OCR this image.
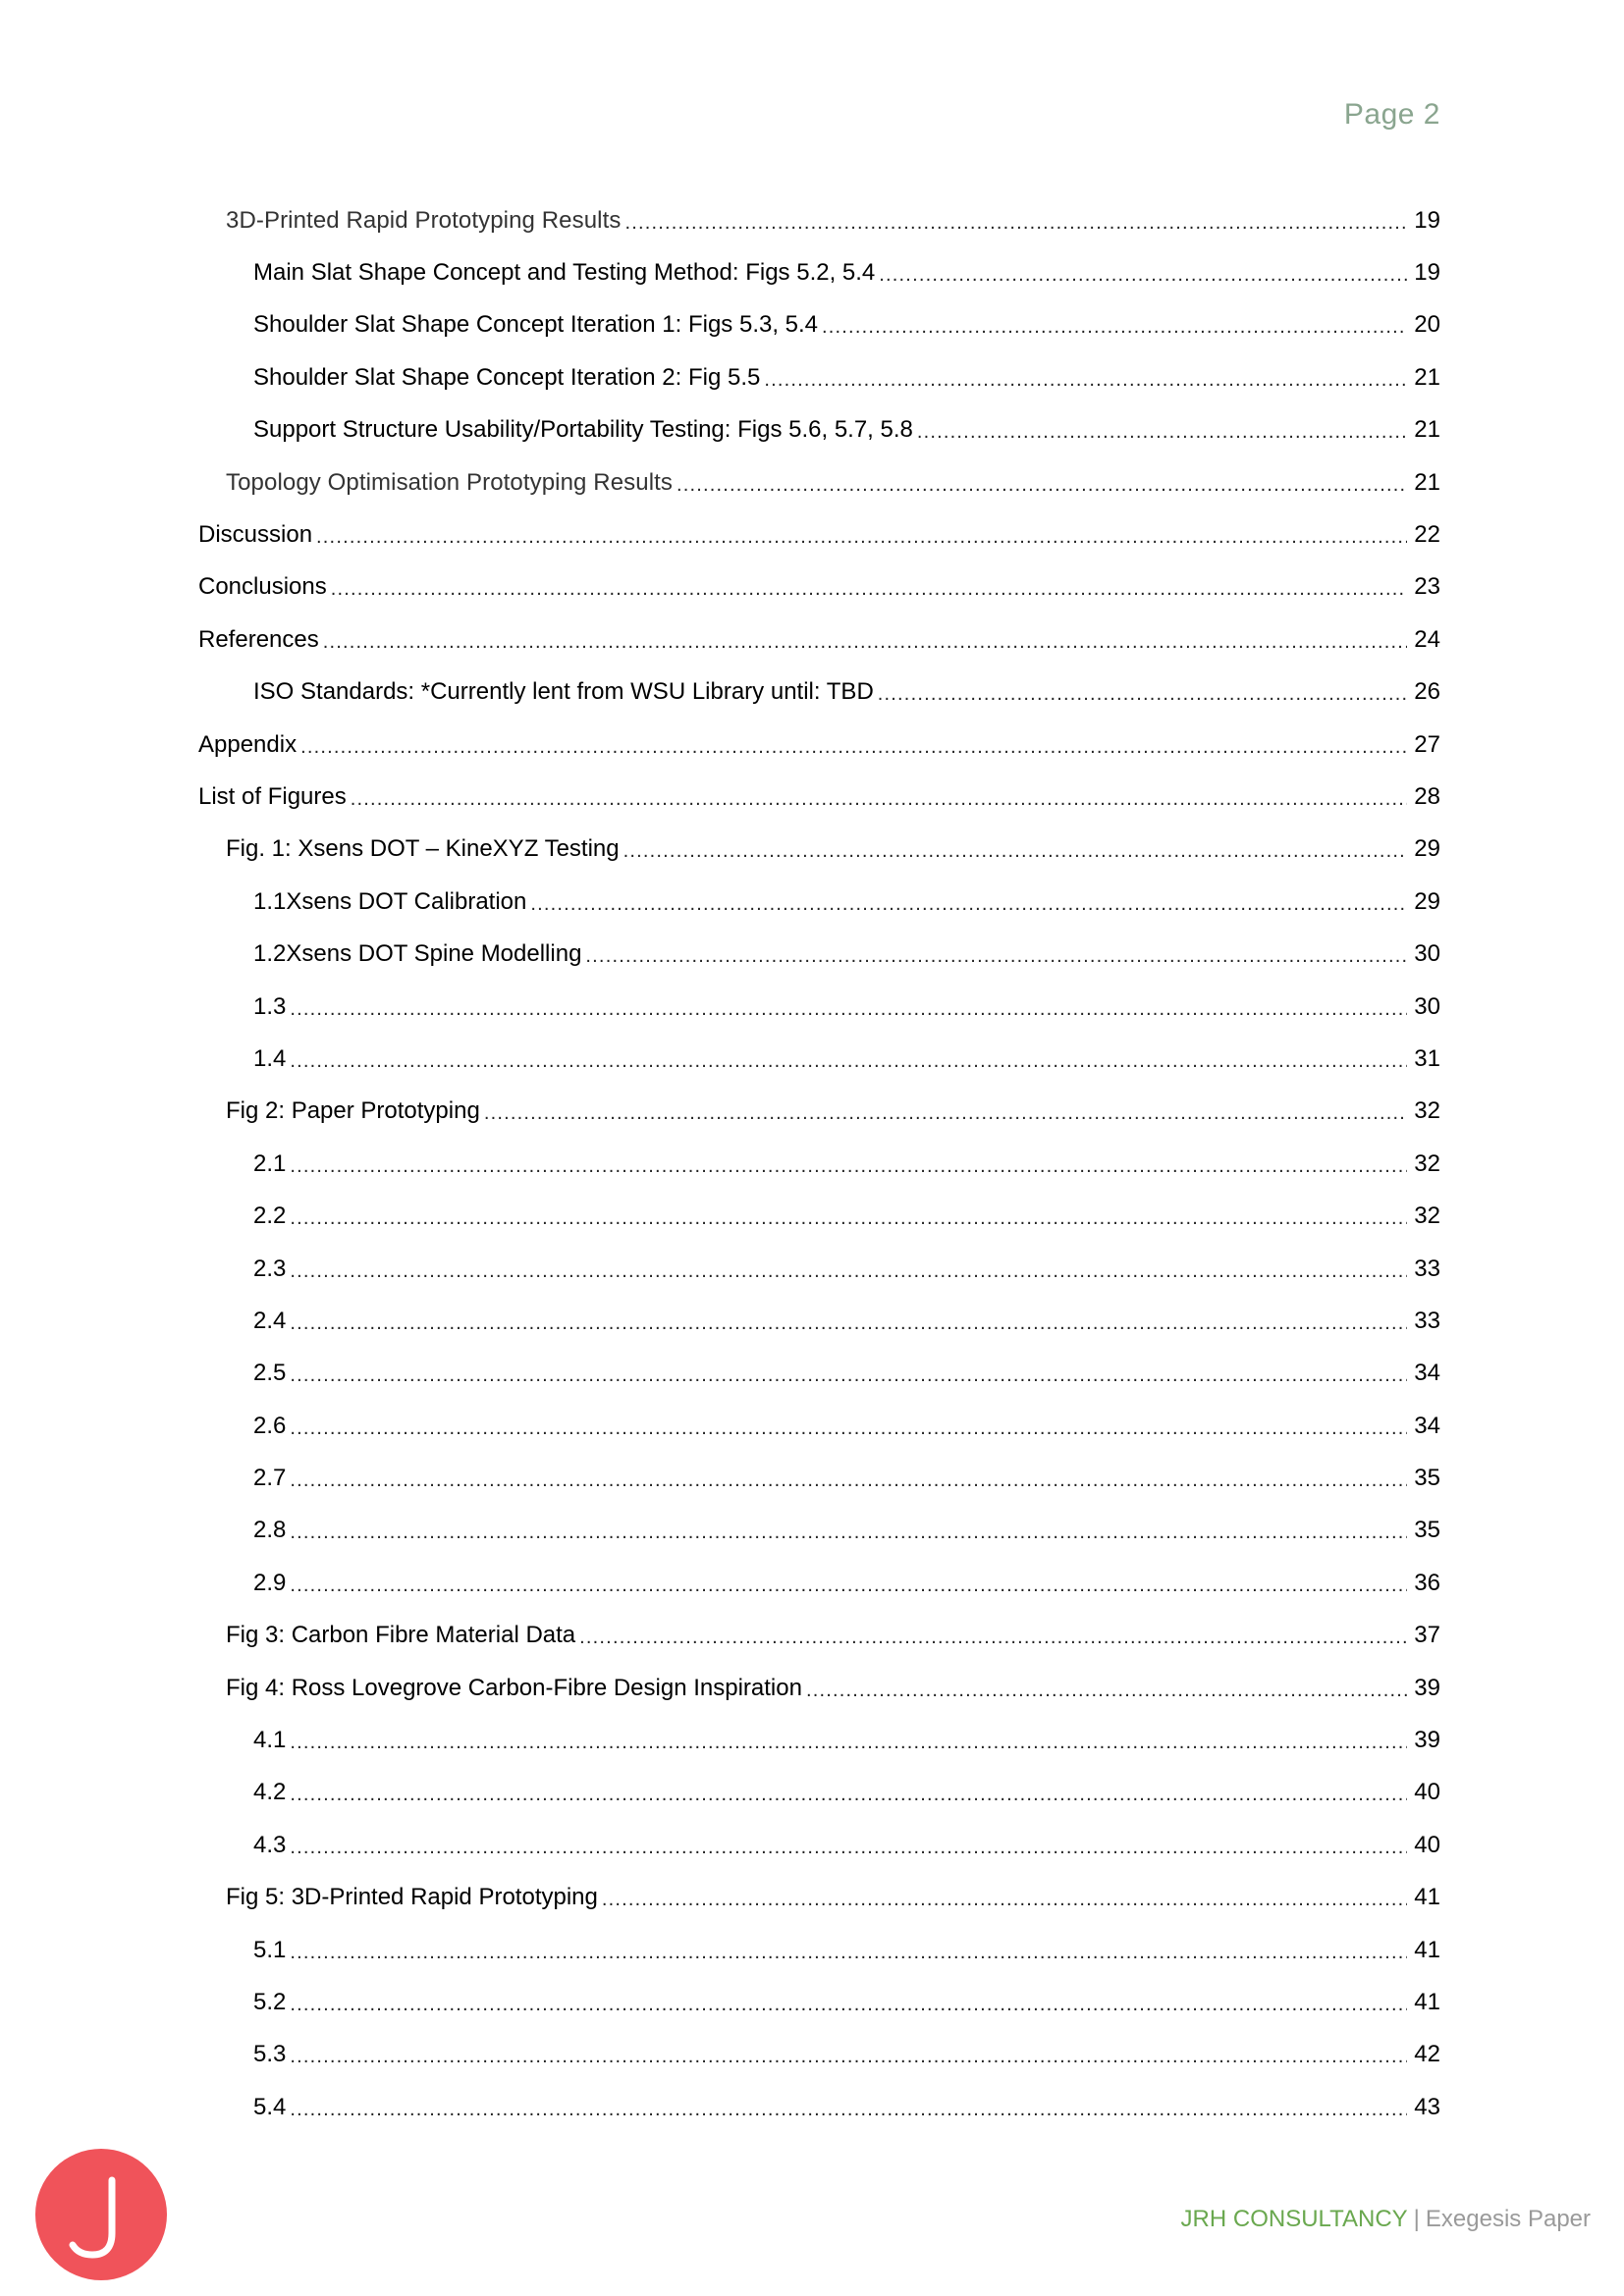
Page 2
3D-Printed Rapid Prototyping Results .....	19
Main Slat Shape Concept and Testing Method: Figs 5.2, 5.4 .....	19
Shoulder Slat Shape Concept Iteration 1: Figs 5.3, 5.4 .....	20
Shoulder Slat Shape Concept Iteration 2: Fig 5.5 .....	21
Support Structure Usability/Portability Testing: Figs 5.6, 5.7, 5.8 .....	21
Topology Optimisation Prototyping Results .....	21
Discussion .....	22
Conclusions .....	23
References .....	24
ISO Standards: *Currently lent from WSU Library until: TBD .....	26
Appendix .....	27
List of Figures .....	28
Fig. 1: Xsens DOT – KineXYZ Testing .....	29
1.1 Xsens DOT Calibration .....	29
1.2 Xsens DOT Spine Modelling .....	30
1.3 .....	30
1.4 .....	31
Fig 2: Paper Prototyping .....	32
2.1 .....	32
2.2 .....	32
2.3 .....	33
2.4 .....	33
2.5 .....	34
2.6 .....	34
2.7 .....	35
2.8 .....	35
2.9 .....	36
Fig 3: Carbon Fibre Material Data .....	37
Fig 4: Ross Lovegrove Carbon-Fibre Design Inspiration .....	39
4.1 .....	39
4.2 .....	40
4.3 .....	40
Fig 5: 3D-Printed Rapid Prototyping .....	41
5.1 .....	41
5.2 .....	41
5.3 .....	42
5.4 .....	43
JRH CONSULTANCY | Exegesis Paper
